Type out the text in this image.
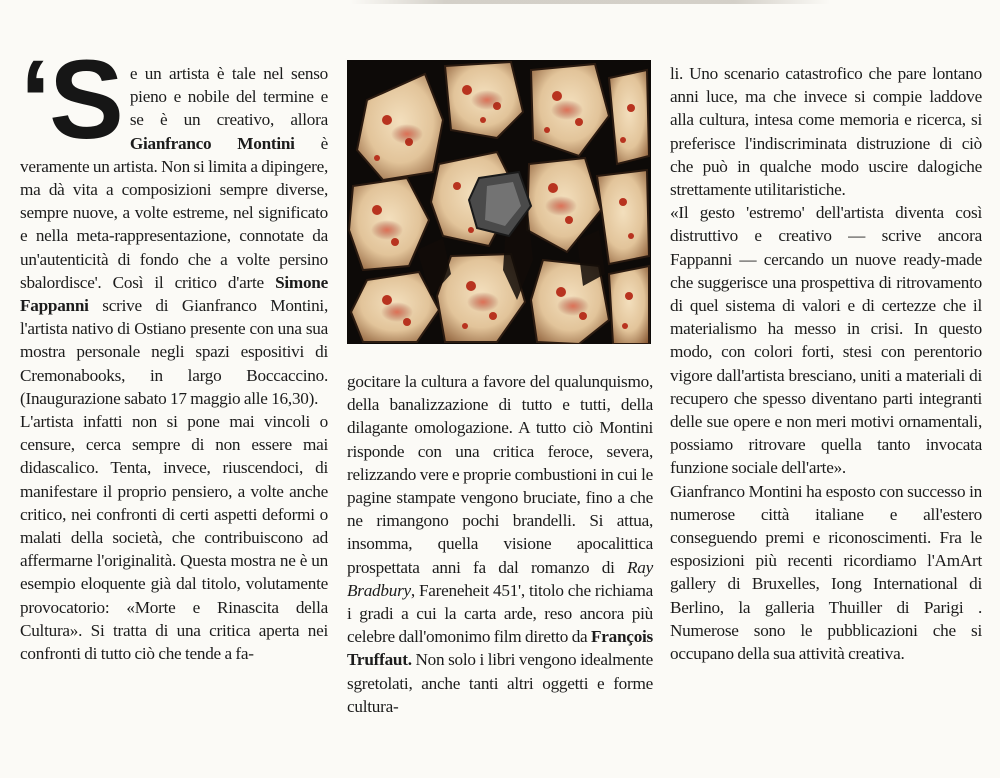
‘S e un artista è tale nel senso pieno e nobile del termine e se è un creativo, allora Gianfranco Montini è veramente un artista. Non si limita a dipingere, ma dà vita a composizioni sempre diverse, sempre nuove, a volte estreme, nel significato e nella meta-rappresentazione, connotate da un'autenticità di fondo che a volte persino sbalordisce'. Così il critico d'arte Simone Fappanni scrive di Gianfranco Montini, l'artista nativo di Ostiano presente con una sua mostra personale negli spazi espositivi di Cremonabooks, in largo Boccaccino. (Inaugurazione sabato 17 maggio alle 16,30).

L'artista infatti non si pone mai vincoli o censure, cerca sempre di non essere mai didascalico. Tenta, invece, riuscendoci, di manifestare il proprio pensiero, a volte anche critico, nei confronti di certi aspetti deformi o malati della società, che contribuiscono ad affermarne l'originalità. Questa mostra ne è un esempio eloquente già dal titolo, volutamente provocatorio: «Morte e Rinascita della Cultura». Si tratta di una critica aperta nei confronti di tutto ciò che tende a fa-

gocitare la cultura a favore del qualunquismo, della banalizzazione di tutto e tutti, della dilagante omologazione. A tutto ciò Montini risponde con una critica feroce, severa, relizzando vere e proprie combustioni in cui le pagine stampate vengono bruciate, fino a che ne rimangono pochi brandelli. Si attua, insomma, quella visione apocalittica prospettata anni fa dal romanzo di Ray Bradbury, Fareneheit 451', titolo che richiama i gradi a cui la carta arde, reso ancora più celebre dall'omonimo film diretto da François Truffaut. Non solo i libri vengono idealmente sgretolati, anche tanti altri oggetti e forme cultura-

li. Uno scenario catastrofico che pare lontano anni luce, ma che invece si compie laddove alla cultura, intesa come memoria e ricerca, si preferisce l'indiscriminata distruzione di ciò che può in qualche modo uscire dalogiche strettamente utilitaristiche.

«Il gesto 'estremo' dell'artista diventa così distruttivo e creativo — scrive ancora Fappanni — cercando un nuove ready-made che suggerisce una prospettiva di ritrovamento di quel sistema di valori e di certezze che il materialismo ha messo in crisi. In questo modo, con colori forti, stesi con perentorio vigore dall'artista bresciano, uniti a materiali di recupero che spesso diventano parti integranti delle sue opere e non meri motivi ornamentali, possiamo ritrovare quella tanto invocata funzione sociale dell'arte».

Gianfranco Montini ha esposto con successo in numerose città italiane e all'estero conseguendo premi e riconoscimenti. Fra le esposizioni più recenti ricordiamo l'AmArt gallery di Bruxelles, Iong International di Berlino, la galleria Thuiller di Parigi . Numerose sono le pubblicazioni che si occupano della sua attività creativa.
